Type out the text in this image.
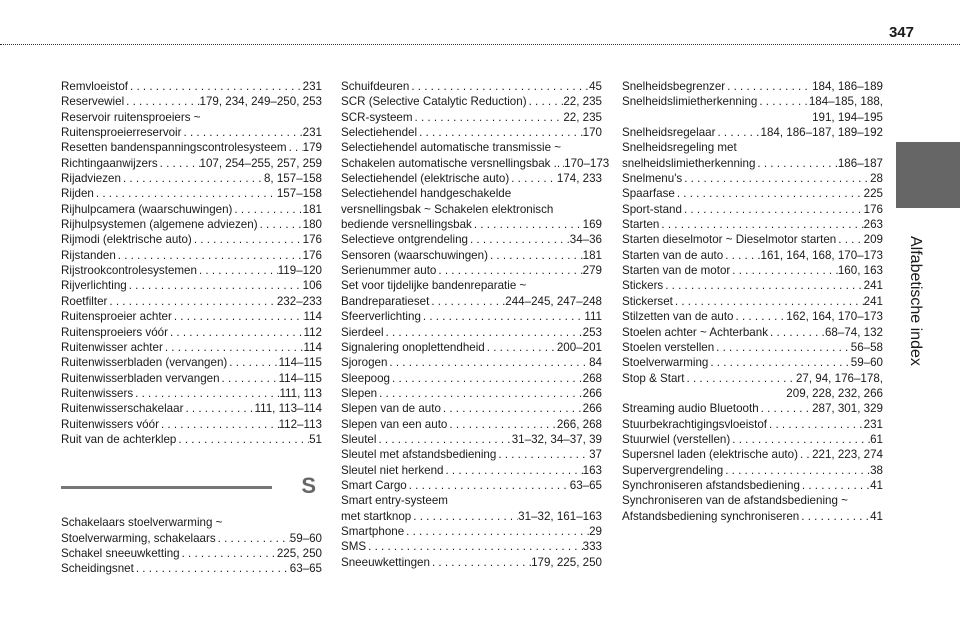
347
Alfabetische index
Remvloeistof . . .	231
Reservewiel . . .	179, 234, 249–250, 253
Reservoir ruitensproeiers ~
Ruitensproeierreservoir . . .	231
Resetten bandenspanningscontrolesysteem . . . 179
Richtingaanwijzers . . .	107, 254–255, 257, 259
Rijadviezen . . .	8, 157–158
Rijden . . .	157–158
Rijhulpcamera (waarschuwingen) . . .	181
Rijhulpsystemen (algemene adviezen) . . .	180
Rijmodi (elektrische auto) . . .	176
Rijstanden . . .	176
Rijstrookcontrolesystemen . . .	119–120
Rijverlichting . . .	106
Roetfilter . . .	232–233
Ruitensproeier achter . . .	114
Ruitensproeiers vóór . . .	112
Ruitenwisser achter . . .	114
Ruitenwisserbladen (vervangen) . . .	114–115
Ruitenwisserbladen vervangen . . .	114–115
Ruitenwissers . . .	111, 113
Ruitenwisserschakelaar . . .	111, 113–114
Ruitenwissers vóór . . .	112–113
Ruit van de achterklep . . .	51
S
Schakelaars stoelverwarming ~
Stoelverwarming, schakelaars . . .	59–60
Schakel sneeuwketting . . .	225, 250
Scheidingsnet . . .	63–65
Schuifdeuren . . .	45
SCR (Selective Catalytic Reduction) . . .	22, 235
SCR-systeem . . .	22, 235
Selectiehendel . . .	170
Selectiehendel automatische transmissie ~
Schakelen automatische versnellingsbak .. . . . 170–173
Selectiehendel (elektrische auto) . . .	174, 233
Selectiehendel handgeschakelde
versnellingsbak ~ Schakelen elektronisch
bediende versnellingsbak . . .	169
Selectieve ontgrendeling . . .	34–36
Sensoren (waarschuwingen) . . .	181
Serienummer auto . . .	279
Set voor tijdelijke bandenreparatie ~
Bandreparatieset . . .	244–245, 247–248
Sfeerverlichting . . .	111
Sierdeel . . .	253
Signalering onoplettendheid . . .	200–201
Sjorogen . . .	84
Sleepoog . . .	268
Slepen . . .	266
Slepen van de auto . . .	266
Slepen van een auto . . .	266, 268
Sleutel . . .	31–32, 34–37, 39
Sleutel met afstandsbediening . . .	37
Sleutel niet herkend . . .	163
Smart Cargo . . .	63–65
Smart entry-systeem
met startknop . . .	31–32, 161–163
Smartphone . . .	29
SMS . . .	333
Sneeuwkettingen . . .	179, 225, 250
Snelheidsbegrenzer . . .	184, 186–189
Snelheidslimietherkenning . . .	184–185, 188,
191, 194–195
Snelheidsregelaar . . .	184, 186–187, 189–192
Snelheidsregeling met
snelheidslimietherkenning . . .	186–187
Snelmenu's . . .	28
Spaarfase . . .	225
Sport-stand . . .	176
Starten . . .	263
Starten dieselmotor ~ Dieselmotor starten . . . 209
Starten van de auto . . .	161, 164, 168, 170–173
Starten van de motor . . .	160, 163
Stickers . . .	241
Stickerset . . .	241
Stilzetten van de auto . . .	162, 164, 170–173
Stoelen achter ~ Achterbank . . .	68–74, 132
Stoelen verstellen . . .	56–58
Stoelverwarming . . .	59–60
Stop & Start . . .	27, 94, 176–178,
209, 228, 232, 266
Streaming audio Bluetooth . . .	287, 301, 329
Stuurbekrachtigingsvloeistof . . .	231
Stuurwiel (verstellen) . . .	61
Supersnel laden (elektrische auto) . . . 221, 223, 274
Supervergrendeling . . .	38
Synchroniseren afstandsbediening . . .	41
Synchroniseren van de afstandsbediening ~
Afstandsbediening synchroniseren . . .	41
